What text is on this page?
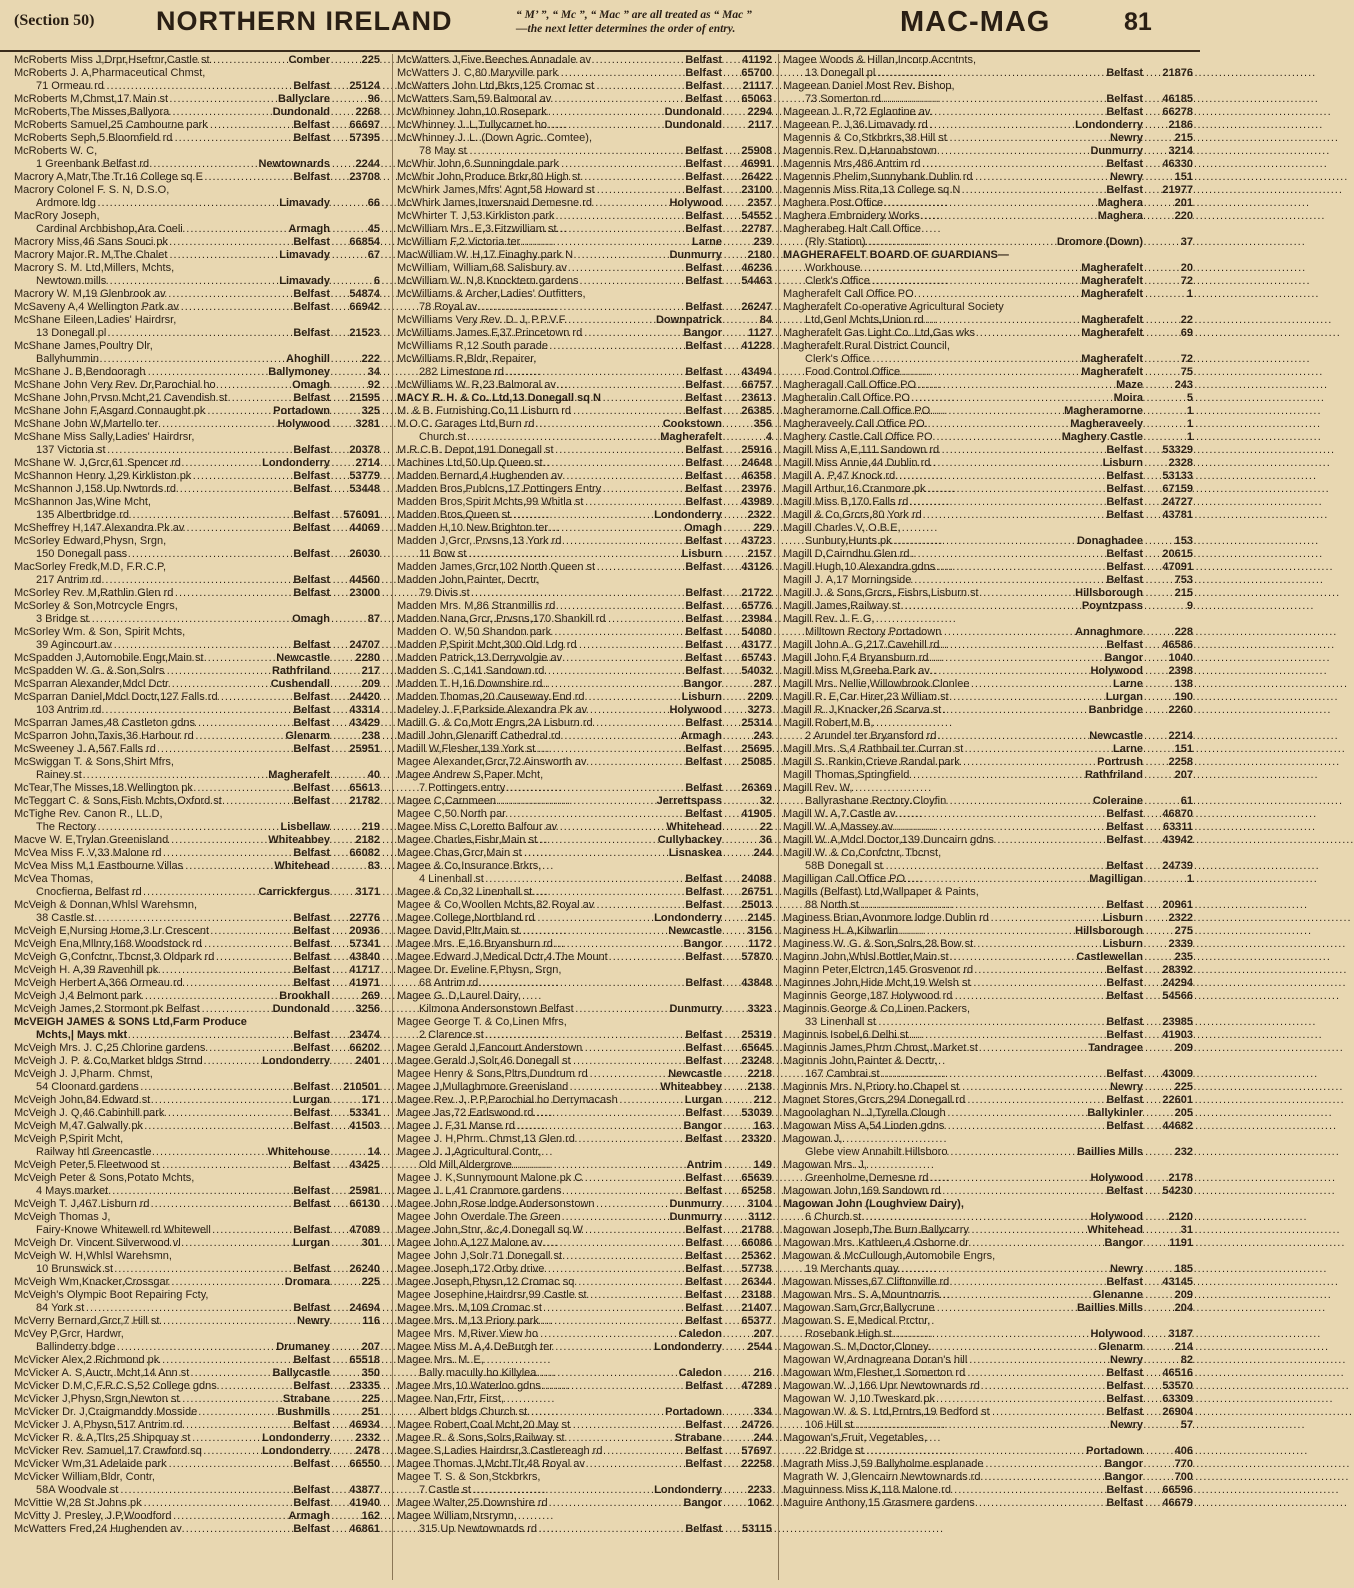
(Section 50) NORTHERN IRELAND	“ M’ ”, “ Mc ”, “ Mac ” are all treated as “ Mac ”
—the next letter determines the order of entry.	MAC-MAG	81
McRoberts Miss J,Drpr,Hsefrnr,Castle st .....	Comber	225
McRoberts J. A,Pharmaceutical Chmst,
71 Ormeau rd .....	Belfast	25124
McRoberts M,Chmst,17 Main st .....	Ballyclare	96
McRoberts,The Misses,Ballyora .....	Dundonald	2268
McRoberts Samuel,25 Cambourne park .....	Belfast	66697
McRoberts Seph,5 Bloomfield rd .....	Belfast	57395
McRoberts W. C,
1 Greenbank Belfast rd .....	Newtownards	2244
Macrory A,Matr,The Tr.16 College sq E .....	Belfast	23708
Macrory Colonel F. S. N, D.S.O,
Ardmore ldg .....	Limavady	66
MacRory Joseph,
Cardinal Archbishop,Ara Coeli .....	Armagh	45
Macrory Miss,46 Sans Souci pk .....	Belfast	66854
Macrory Major R. M,The Chalet .....	Limavady	67
Macrory S. M. Ltd,Millers, Mchts,
Newtown mills .....	Limavady	6
Macrory W. M,19 Glenbrook av .....	Belfast	54874
McSaveny A,4 Wellington Park av .....	Belfast	66942
McShane Eileen,Ladies' Hairdrsr,
13 Donegall pl .....	Belfast	21523
McShane James,Poultry Dlr,
Ballyhummin .....	Ahoghill	222
McShane J. B,Bendooragh .....	Ballymoney	34
McShane John Very Rev. Dr,Parochial ho .....	Omagh	92
McShane John,Prvsn Mcht,21 Cavendish st .....	Belfast	21595
McShane John F,Asgard Connaught pk .....	Portadown	325
McShane John W,Martello ter .....	Holywood	3281
McShane Miss Sally,Ladies' Hairdrsr,
137 Victoria st .....	Belfast	20378
McShane W. J,Grcr,61 Spencer rd .....	Londonderry	2714
McShannon Henry J,29 Kirkliston pk .....	Belfast	53779
McShannon J,158 Up Nwtnrds rd .....	Belfast	53448
McShannon Jas,Wine Mcht,
135 Albertbridge rd .....	Belfast	576091
McSheffrey H,147 Alexandra Pk av .....	Belfast	44069
McSorley Edward,Physn, Srgn,
150 Donegall pass .....	Belfast	26030
MacSorley Fredk,M.D, F.R.C.P,
217 Antrim rd .....	Belfast	44560
McSorley Rev. M,Rathlin Glen rd .....	Belfast	23000
McSorley & Son,Motrcycle Engrs,
3 Bridge st .....	Omagh	87
McSorley Wm. & Son, Spirit Mchts,
39 Agincourt av .....	Belfast	24707
McSpadden J,Automobile Engr,Main st .....	Newcastle	2280
McSpadden W. G. & Son,Solrs .....	Rathfriland	217
McSparran Alexander,Mdcl Dctr .....	Cushendall	209
McSparran Daniel,Mdcl Doctr,127 Falls rd .....	Belfast	24420
103 Antrim rd .....	Belfast	43314
McSparran James,48 Castleton gdns .....	Belfast	43429
McSparron John,Taxis,36 Harbour rd .....	Glenarm	238
McSweeney J. A,567 Falls rd .....	Belfast	25951
McSwiggan T. & Sons,Shirt Mfrs,
Rainey st .....	Magherafelt	40
McTear,The Misses,18 Wellington pk .....	Belfast	65613
McTeggart C. & Sons,Fish Mchts,Oxford st .....	Belfast	21782
McTighe Rev. Canon R., LL.D,
The Rectory .....	Lisbellaw	219
Macve W. E,Trylan Greenisland .....	Whiteabbey	2182
McVea Miss F. V,33 Malone rd .....	Belfast	66082
McVea Miss M,1 Eastbourne Villas .....	Whitehead	83
McVea Thomas,
Cnocfierna, Belfast rd .....	Carrickfergus	3171
McVeigh & Donnan,Whlsl Warehsmn,
38 Castle st .....	Belfast	22776
McVeigh E,Nursing Home,3 Lr Crescent .....	Belfast	20936
McVeigh Ena,Mllnry,168 Woodstock rd .....	Belfast	57341
McVeigh G,Confctnr, Tbcnst,3 Oldpark rd .....	Belfast	43840
McVeigh H. A,39 Ravenhill pk .....	Belfast	41717
McVeigh Herbert A,366 Ormeau rd .....	Belfast	41971
McVeigh J,4 Belmont park .....	Brookhall	269
McVeigh James,2 Stormont pk Belfast .....	Dundonald	3256
McVEIGH JAMES & SONS Ltd,Farm Produce
Mchts,| Mays mkt .....	Belfast	23474
McVeigh Mrs. J. C,25 Chlorine gardens .....	Belfast	66202
McVeigh J. P. & Co,Market bldgs Strnd .....	Londonderry	2401
McVeigh J. J,Pharm. Chmst,
54 Cloonard gardens .....	Belfast	210501
McVeigh John,84 Edward st .....	Lurgan	171
McVeigh J. Q,46 Cabinhill park .....	Belfast	53341
McVeigh M,47 Galwally pk .....	Belfast	41503
McVeigh P,Spirit Mcht,
Railway htl Greencastle .....	Whitehouse	14
McVeigh Peter,5 Fleetwood st .....	Belfast	43425
McVeigh Peter & Sons,Potato Mchts,
4 Mays market .....	Belfast	25981
McVeigh T. J,467 Lisburn rd .....	Belfast	66130
McVeigh Thomas J,
Fairy-Knowe Whitewell rd Whitewell .....	Belfast	47089
McVeigh Dr. Vincent Silverwood vl .....	Lurgan	301
McVeigh W. H,Whlsl Warehsmn,
10 Brunswick st .....	Belfast	26240
McVeigh Wm,Knacker,Crossgar .....	Dromara	225
McVeigh's Olympic Boot Repairing Fcty,
84 York st .....	Belfast	24694
McVerry Bernard,Grcr,7 Hill st .....	Newry	116
McVey P,Grcr, Hardwr,
Ballinderry bdge .....	Drumaney	207
McVicker Alex,2 Richmond pk .....	Belfast	65518
McVicker A. S,Auctr, Mcht,14 Ann st .....	Ballycastle	350
McVicker D.M,C,F.R.C.S,52 College gdns .....	Belfast	23335
McVicker J,Physn,Srgn,Newton st .....	Strabane	225
McVicker Dr. J,Craigmanddy Mosside .....	Bushmills	251
McVicker J. A,Physn,517 Antrim rd .....	Belfast	46934
McVicker R. & A,Tlrs,25 Shipquay st .....	Londonderry	2332
McVicker Rev. Samuel,17 Crawford sq .....	Londonderry	2478
McVicker Wm,31 Adelaide park .....	Belfast	66550
McVicker William,Bldr, Contr,
58A Woodvale st .....	Belfast	43877
McVittie W,28 St Johns pk .....	Belfast	41940
McVitty J. Presley, J.P,Woodford .....	Armagh	162
McWatters Fred,24 Hughenden av .....	Belfast	46861
McWatters J,Five Beeches Annadale av .....	Belfast	41192
McWatters J. C,80 Maryville park .....	Belfast	65700
McWatters John Ltd,Bkrs,125 Cromac st .....	Belfast	21117
McWatters Sam,59 Balmoral av .....	Belfast	65063
McWhinney John,10 Rosepark .....	Dundonald	2294
McWhinney J. L,Tullycarnet ho .....	Dundonald	2117
McWhinney J. L. (Down Agric. Comtee),
78 May st .....	Belfast	25908
McWhir John,6 Sunningdale park .....	Belfast	46991
McWhir John,Produce Brkr,80 High st .....	Belfast	26422
McWhirk James,Mfrs' Agnt,58 Howard st .....	Belfast	23100
McWhirk James,Inversnaid Demesne rd .....	Holywood	2357
McWhirter T. J,53 Kirkliston park .....	Belfast	54552
McWilliam Mrs. E,3 Fitzwilliam st .....	Belfast	22787
McWilliam F,2 Victoria ter .....	Larne	239
MacWilliam W. H,17 Finaghy park N .....	Dunmurry	2180
McWilliam, William,68 Salisbury av .....	Belfast	46236
McWilliam W. N,8 Knocktern gardens .....	Belfast	54463
McWilliams & Archer,Ladies' Outfitters,
78 Royal av .....	Belfast	26247
McWilliams Very Rev. D. J, P.P.V.F. .....	Downpatrick	84
McWilliams James F,37 Princetown rd .....	Bangor	1127
McWilliams R,12 South parade .....	Belfast	41228
McWilliams R,Bldr, Repairer,
282 Limestone rd .....	Belfast	43494
McWilliams W. R,23 Balmoral av .....	Belfast	66757
MACY R. H. & Co. Ltd,13 Donegall sq N .....	Belfast	23613
M. & B. Furnishing Co,11 Lisburn rd .....	Belfast	26385
M.O.C. Garages Ltd,Burn rd .....	Cookstown	356
Church st .....	Magherafelt	4
M.R.C.B. Depot,191 Donegall st .....	Belfast	25916
Machines Ltd,50 Up Queen st .....	Belfast	24648
Madden Bernard,4 Hughenden av .....	Belfast	46358
Madden Bros,Publcns,17 Pottingers Entry .....	Belfast	23976
Madden Bros,Spirit Mchts,99 Whitla st .....	Belfast	43989
Madden Bros,Queen st .....	Londonderry	2322
Madden H,10 New Brighton ter .....	Omagh	229
Madden J,Grcr, Prvsns,13 York rd .....	Belfast	43723
11 Bow st .....	Lisburn	2157
Madden James,Grcr,102 North Queen st .....	Belfast	43126
Madden John,Painter, Decrtr,
79 Divis st .....	Belfast	21722
Madden Mrs. M,86 Stranmillis rd .....	Belfast	65776
Madden Nana,Grcr, Prvsns,170 Shankill rd .....	Belfast	23984
Madden O. W,50 Shandon park .....	Belfast	54080
Madden P,Spirit Mcht,300 Old Ldg rd .....	Belfast	43177
Madden Patrick,13 Derryvolgie av .....	Belfast	65743
Madden S. C,141 Sandown rd .....	Belfast	54032
Madden T. H,16 Downshire rd .....	Bangor	287
Madden Thomas,20 Causeway End rd .....	Lisburn	2209
Madeley J. F,Parkside Alexandra Pk av .....	Holywood	3273
Madill G. & Co,Motr Engrs,2A Lisburn rd .....	Belfast	25314
Madill John,Glenariff Cathedral rd .....	Armagh	243
Madill W,Flesher,139 York st .....	Belfast	25695
Magee Alexander,Grcr,72 Ainsworth av .....	Belfast	25085
Magee Andrew S,Paper Mcht,
7 Pottingers entry .....	Belfast	26369
Magee C,Carnmeen .....	Jerrettspass	32
Magee C,50 North par .....	Belfast	41905
Magee Miss C,Loretto Balfour av .....	Whitehead	22
Magee Charles,Fishr,Main st .....	Cullybackey	36
Magee Chas,Grcr,Main st .....	Lisnaskea	244
Magee & Co,Insurance Brkrs,
4 Linenhall st .....	Belfast	24088
Magee & Co,32 Linenhall st .....	Belfast	26751
Magee & Co,Woollen Mchts,82 Royal av .....	Belfast	25013
Magee College,Northland rd .....	Londonderry	2145
Magee David,Pltr,Main st .....	Newcastle	3156
Magee Mrs. E,16 Bryansburn rd .....	Bangor	1172
Magee Edward J,Medical Dctr,4 The Mount .....	Belfast	57870
Magee Dr. Eveline F,Physn, Srgn,
68 Antrim rd .....	Belfast	43848
Magee G. D,Laurel Dairy,
Kilmona Andersonstown Belfast .....	Dunmurry	3323
Magee George T. & Co,Linen Mfrs,
2 Clarence st .....	Belfast	25319
Magee Gerald J,Fancourt Anderstown .....	Belfast	65645
Magee Gerald J,Solr,46 Donegall st .....	Belfast	23248
Magee Henry & Sons,Pltrs,Dundrum rd .....	Newcastle	2218
Magee J,Mullaghmore Greenisland .....	Whiteabbey	2138
Magee Rev. J, P.P,Parochial ho Derrymacash .....	Lurgan	212
Magee Jas,72 Earlswood rd .....	Belfast	53039
Magee J. F,31 Manse rd .....	Bangor	163
Magee J. H,Phrm. Chmst,13 Glen rd .....	Belfast	23320
Magee J. J,Agricultural Contr,
Old Mill,Aldergrove .....	Antrim	149
Magee J. K,Sunnymount Malone pk C .....	Belfast	65639
Magee J. L,41 Cranmore gardens .....	Belfast	65258
Magee John,Rose lodge Andersonstown .....	Dunmurry	3104
Magee John Overdale The Green .....	Dunmurry	3112
Magee John,Stnr, &c,4 Donegall sq W .....	Belfast	21788
Magee John A,127 Malone av .....	Belfast	66086
Magee John J,Solr 71 Donegall st .....	Belfast	25362
Magee Joseph,172 Orby drive .....	Belfast	57738
Magee Joseph,Physn,12 Cromac sq .....	Belfast	26344
Magee Josephine,Hairdrsr,99 Castle st .....	Belfast	23188
Magee Mrs. M,109 Cromac st .....	Belfast	21407
Magee Mrs. M,13 Priory park .....	Belfast	65377
Magee Mrs. M,River View ho .....	Caledon	207
Magee Miss M. A,4 DeBurgh ter .....	Londonderry	2544
Magee Mrs. M. E,
Bally macully ho Killylea .....	Caledon	216
Magee Mrs,10 Waterloo gdns .....	Belfast	47289
Magee Nan,Frtr, First,
Albert bldgs Church st .....	Portadown	334
Magee Robert,Coal Mcht,20 May st .....	Belfast	24726
Magee R. & Sons,Solrs,Railway st .....	Strabane	244
Magee S,Ladies Hairdrsr,3 Castlereagh rd .....	Belfast	57697
Magee Thomas J,Mcht Tlr,48 Royal av .....	Belfast	22258
Magee T. S. & Son,Stckbrkrs,
7 Castle st .....	Londonderry	2233
Magee Walter,25 Downshire rd .....	Bangor	1062
Magee William,Nrsrymn,
315 Up Newtownards rd .....	Belfast	53115
Magee Woods & Hillan,Incorp Accntnts,
13 Donegall pl .....	Belfast	21876
Mageean Daniel Most Rev. Bishop,
73 Somerton rd .....	Belfast	46185
Mageean J. R,72 Eglantine av .....	Belfast	66278
Mageean P. J,36 Limavady rd .....	Londonderry	2186
Magennis & Co,Stkbrkrs,38 Hill st .....	Newry	215
Magennis Rev. D,Hannahstown .....	Dunmurry	3214
Magennis Mrs,486 Antrim rd .....	Belfast	46330
Magennis Phelim,Sunnybank Dublin rd .....	Newry	151
Magennis Miss Rita,13 College sq N .....	Belfast	21977
Maghera Post Office .....	Maghera	201
Maghera Embroidery Works .....	Maghera	220
Magherabeg Halt Call Office
(Rly Station) .....	Dromore (Down)	37
MAGHERAFELT BOARD OF GUARDIANS—
Workhouse .....	Magherafelt	20
Clerk's Office .....	Magherafelt	72
Magherafelt Call Office PO .....	Magherafelt	1
Magherafelt Co-operative Agricultural Society
Ltd,Genl Mchts,Union rd .....	Magherafelt	22
Magherafelt Gas Light Co. Ltd,Gas wks .....	Magherafelt	69
Magherafelt Rural District Council,
Clerk's Office .....	Magherafelt	72
Food Control Office .....	Magherafelt	75
Magheragall Call Office PO .....	Maze	243
Magheralin Call Office PO .....	Moira	5
Magheramorne Call Office PO .....	Magheramorne	1
Magheraveely Call Office PO .....	Magheraveely	1
Maghery Castle Call Office PO .....	Maghery Castle	1
Magill Miss A,E,111 Sandown rd .....	Belfast	53329
Magill Miss Annie,44 Dublin rd .....	Lisburn	2328
Magill A. P,47 Knock rd .....	Belfast	53133
Magill Arthur,16 Cranmore pk .....	Belfast	67159
Magill Miss B,170 Falls rd .....	Belfast	24727
Magill & Co,Grcrs,80 York rd .....	Belfast	43781
Magill Charles V, O.B.E,
Sunbury,Hunts pk .....	Donaghadee	153
Magill D,Cairndhu Glen rd .....	Belfast	20615
Magill Hugh,10 Alexandra gdns .....	Belfast	47091
Magill J. A,17 Morningside .....	Belfast	753
Magill J. & Sons,Grcrs, Fishrs,Lisburn st .....	Hillsborough	215
Magill James,Railway st .....	Poyntzpass	9
Magill Rev. J. F. G,
Milltown Rectory Portadown .....	Annaghmore	228
Magill John A. G,217 Cavehill rd .....	Belfast	46586
Magill John F,4 Bryansburn rd .....	Bangor	1040
Magill Miss M,Greeba Park av .....	Holywood	2398
Magill Mrs. Nellie,Willowbrook Clonlee .....	Larne	138
Magill R. E,Car Hirer,23 William st .....	Lurgan	190
Magill R. J,Knacker,26 Scarva st .....	Banbridge	2260
Magill Robert,M.B,
2 Arundel ter Bryansford rd .....	Newcastle	2214
Magill Mrs. S,4 Rathbail ter Curran st .....	Larne	151
Magill S. Rankin,Crieve Randal park .....	Portrush	2258
Magill Thomas,Springfield .....	Rathfriland	207
Magill Rev. W,
Ballyrashane Rectory Cloyfin .....	Coleraine	61
Magill W. A,7 Castle av .....	Belfast	46870
Magill W. A,Massey av .....	Belfast	63311
Magill W. A,Mdcl Doctor,139 Duncairn gdns .....	Belfast	43942
Magill W. & Co,Confctnr, Tbcnst,
58B Donegall st .....	Belfast	24739
Magilligan Call Office PO .....	Magilligan	1
Magills (Belfast) Ltd,Wallpaper & Paints,
88 North st .....	Belfast	20961
Maginess Brian,Avonmore lodge Dublin rd .....	Lisburn	2322
Maginess H. A,Kilwarlin .....	Hillsborough	275
Maginess W. G. & Son,Solrs,28 Bow st .....	Lisburn	2339
Maginn John,Whlsl Bottler,Main st .....	Castlewellan	235
Maginn Peter,Elctrcn,145 Grosvenor rd .....	Belfast	28392
Maginnes John,Hide Mcht,19 Welsh st .....	Belfast	24294
Maginnis George,187 Holywood rd .....	Belfast	54566
Maginnis George & Co,Linen Packers,
33 Linenhall st .....	Belfast	23985
Maginnis Isobel,6 Delhi st .....	Belfast	41903
Maginnis James,Phrm Chmst, Market st .....	Tandragee	209
Maginnis John,Painter & Decrtr,
167 Cambrai st .....	Belfast	43009
Maginnis Mrs. N,Priory ho Chapel st .....	Newry	225
Magnet Stores,Grcrs,294 Donegall rd .....	Belfast	22601
Magoolaghan N. J,Tyrella Clough .....	Ballykinler	205
Magowan Miss A,54 Linden gdns .....	Belfast	44682
Magowan J,
Glebe view Annahilt Hillsboro .....	Baillies Mills	232
Magowan Mrs. J,
Greenholme,Demesne rd .....	Holywood	2178
Magowan John,169 Sandown rd .....	Belfast	54230
Magowan John (Loughview Dairy),
6 Church st .....	Holywood	2120
Magowan Joseph,The Burn Ballycarry .....	Whitehead	31
Magowan Mrs. Kathleen,4 Osborne dr .....	Bangor	1191
Magowan & McCullough,Automobile Engrs,
19 Merchants quay .....	Newry	185
Magowan Misses,67 Cliftonville rd .....	Belfast	43145
Magowan Mrs. S. A,Mountnorris .....	Glenanne	209
Magowan Sam,Grcr,Ballycrune .....	Baillies Mills	204
Magowan S. E,Medical Prctnr,
Rosebank High st .....	Holywood	3187
Magowan S. M,Doctor,Cloney .....	Glenarm	214
Magowan W,Ardnagreana Doran's hill .....	Newry	82
Magowan Wm,Flesher,1 Somerton rd .....	Belfast	46516
Magowan W. J,166 Upr Newtownards rd .....	Belfast	53570
Magowan W. J,10 Tweskard pk .....	Belfast	63309
Magowan W. & S. Ltd,Prntrs,19 Bedford st .....	Belfast	26904
106 Hill st .....	Newry	57
Magowan's,Fruit, Vegetables,
22 Bridge st .....	Portadown	406
Magrath Miss J,59 Ballyholme esplanade .....	Bangor	770
Magrath W. J,Glencairn Newtownards rd .....	Bangor	700
Maguinness Miss K,118 Malone rd .....	Belfast	66596
Maguire Anthony,15 Grasmere gardens .....	Belfast	46679
